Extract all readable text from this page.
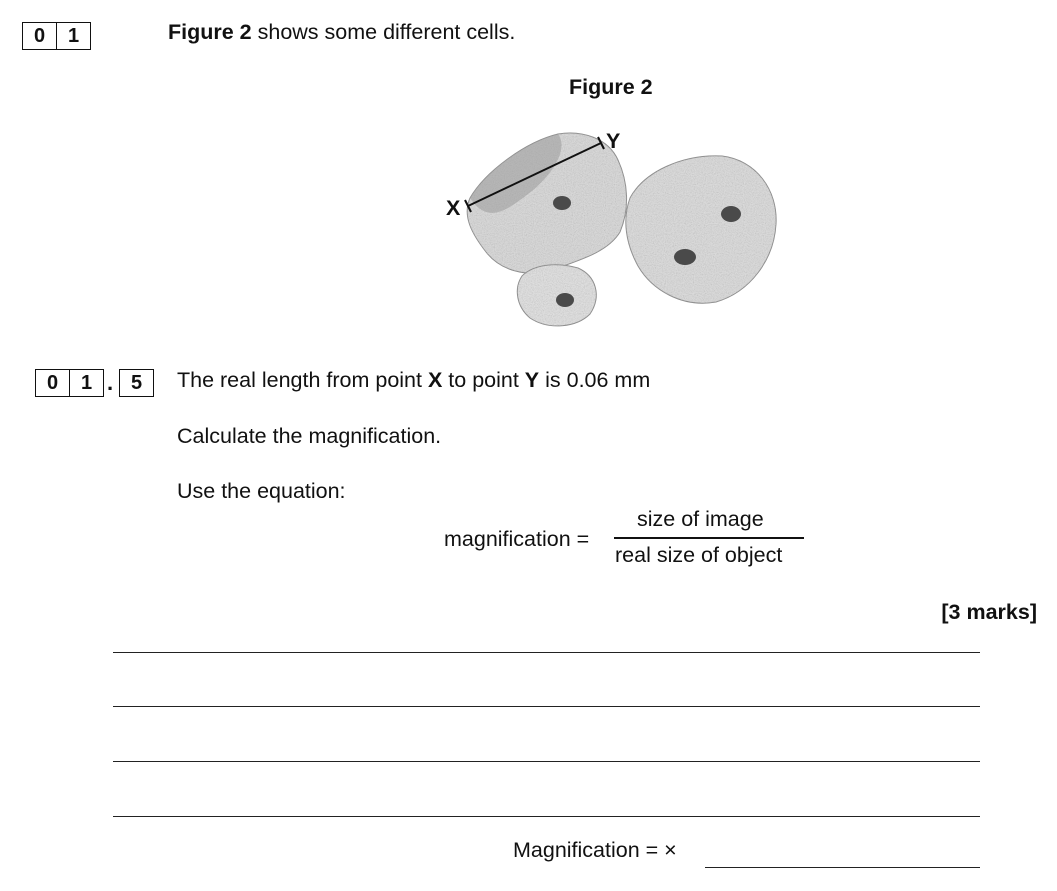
0	1	Figure 2 shows some different cells.
Figure 2
X
Y
0	1 . 5	The real length from point X to point Y is 0.06 mm
Calculate the magnification.
Use the equation:
magnification =
size of image
real size of object
[3 marks]
Magnification = ×
